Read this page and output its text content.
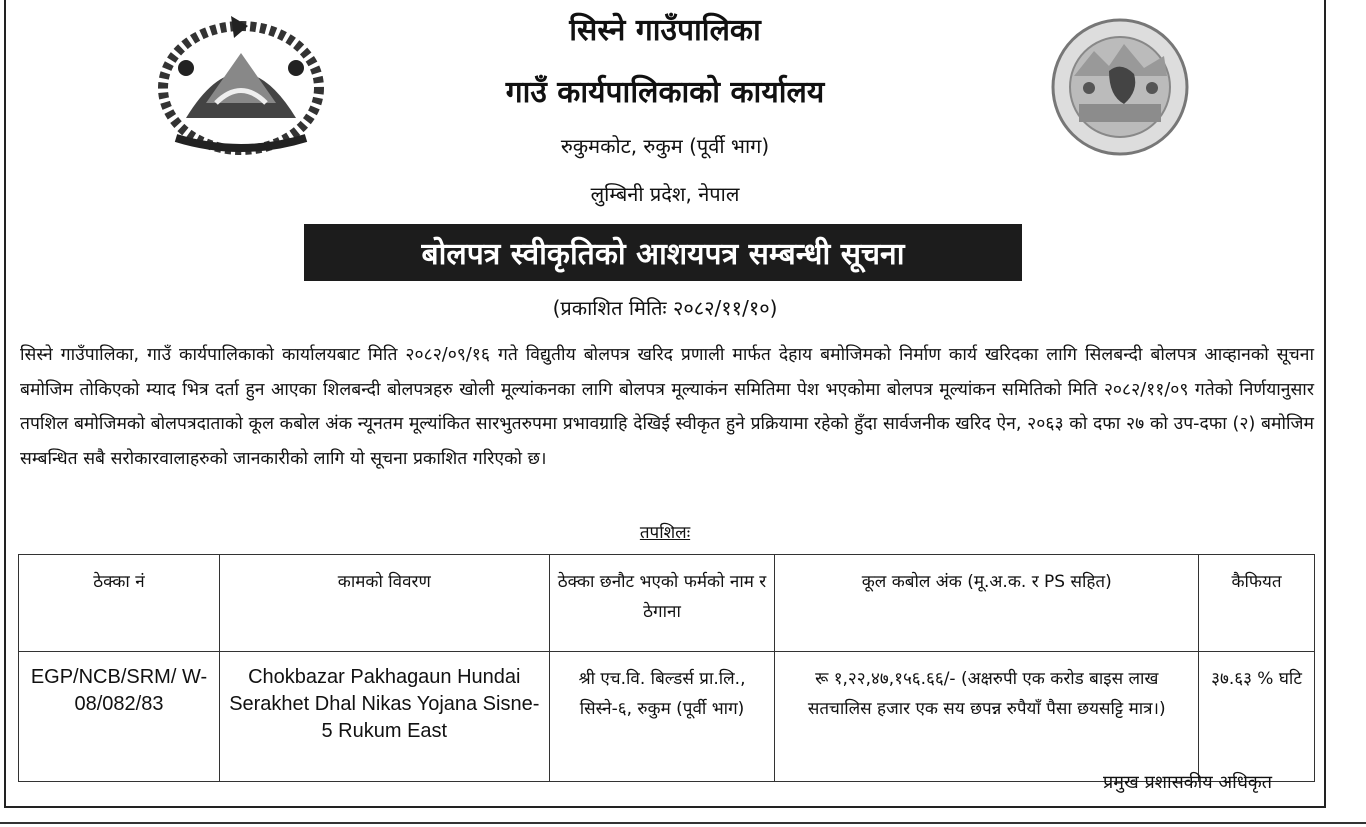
सिस्ने गाउँपालिका
गाउँ कार्यपालिकाको कार्यालय
रुकुमकोट, रुकुम (पूर्वी भाग)
लुम्बिनी प्रदेश, नेपाल
बोलपत्र स्वीकृतिको आशयपत्र सम्बन्धी सूचना
(प्रकाशित मितिः २०८२/११/१०)
सिस्ने गाउँपालिका, गाउँ कार्यपालिकाको कार्यालयबाट मिति २०८२/०९/१६ गते विद्युतीय बोलपत्र खरिद प्रणाली मार्फत देहाय बमोजिमको निर्माण कार्य खरिदका लागि सिलबन्दी बोलपत्र आव्हानको सूचना बमोजिम तोकिएको म्याद भित्र दर्ता हुन आएका शिलबन्दी बोलपत्रहरु खोली मूल्यांकनका लागि बोलपत्र मूल्याकंन समितिमा पेश भएकोमा बोलपत्र मूल्यांकन समितिको मिति २०८२/११/०९ गतेको निर्णयानुसार तपशिल बमोजिमको बोलपत्रदाताको कूल कबोल अंक न्यूनतम मूल्यांकित सारभुतरुपमा प्रभावग्राहि देखिई स्वीकृत हुने प्रक्रियामा रहेको हुँदा सार्वजनीक खरिद ऐन, २०६३ को दफा २७ को उप-दफा (२) बमोजिम सम्बन्धित सबै सरोकारवालाहरुको जानकारीको लागि यो सूचना प्रकाशित गरिएको छ।
तपशिलः
ठेक्का नं	कामको विवरण	ठेक्का छनौट भएको फर्मको नाम र ठेगाना	कूल कबोल अंक (मू.अ.क. र PS सहित)	कैफियत
EGP/NCB/SRM/ W-08/082/83	Chokbazar Pakhagaun Hundai Serakhet Dhal Nikas Yojana Sisne-5 Rukum East	श्री एच.वि. बिल्डर्स प्रा.लि., सिस्ने-६, रुकुम (पूर्वी भाग)	रू १,२२,४७,१५६.६६/- (अक्षरुपी एक करोड बाइस लाख सतचालिस हजार एक सय छपन्न रुपैयाँ पैसा छयसट्टि मात्र।)	३७.६३ % घटि
प्रमुख प्रशासकीय अधिकृत
